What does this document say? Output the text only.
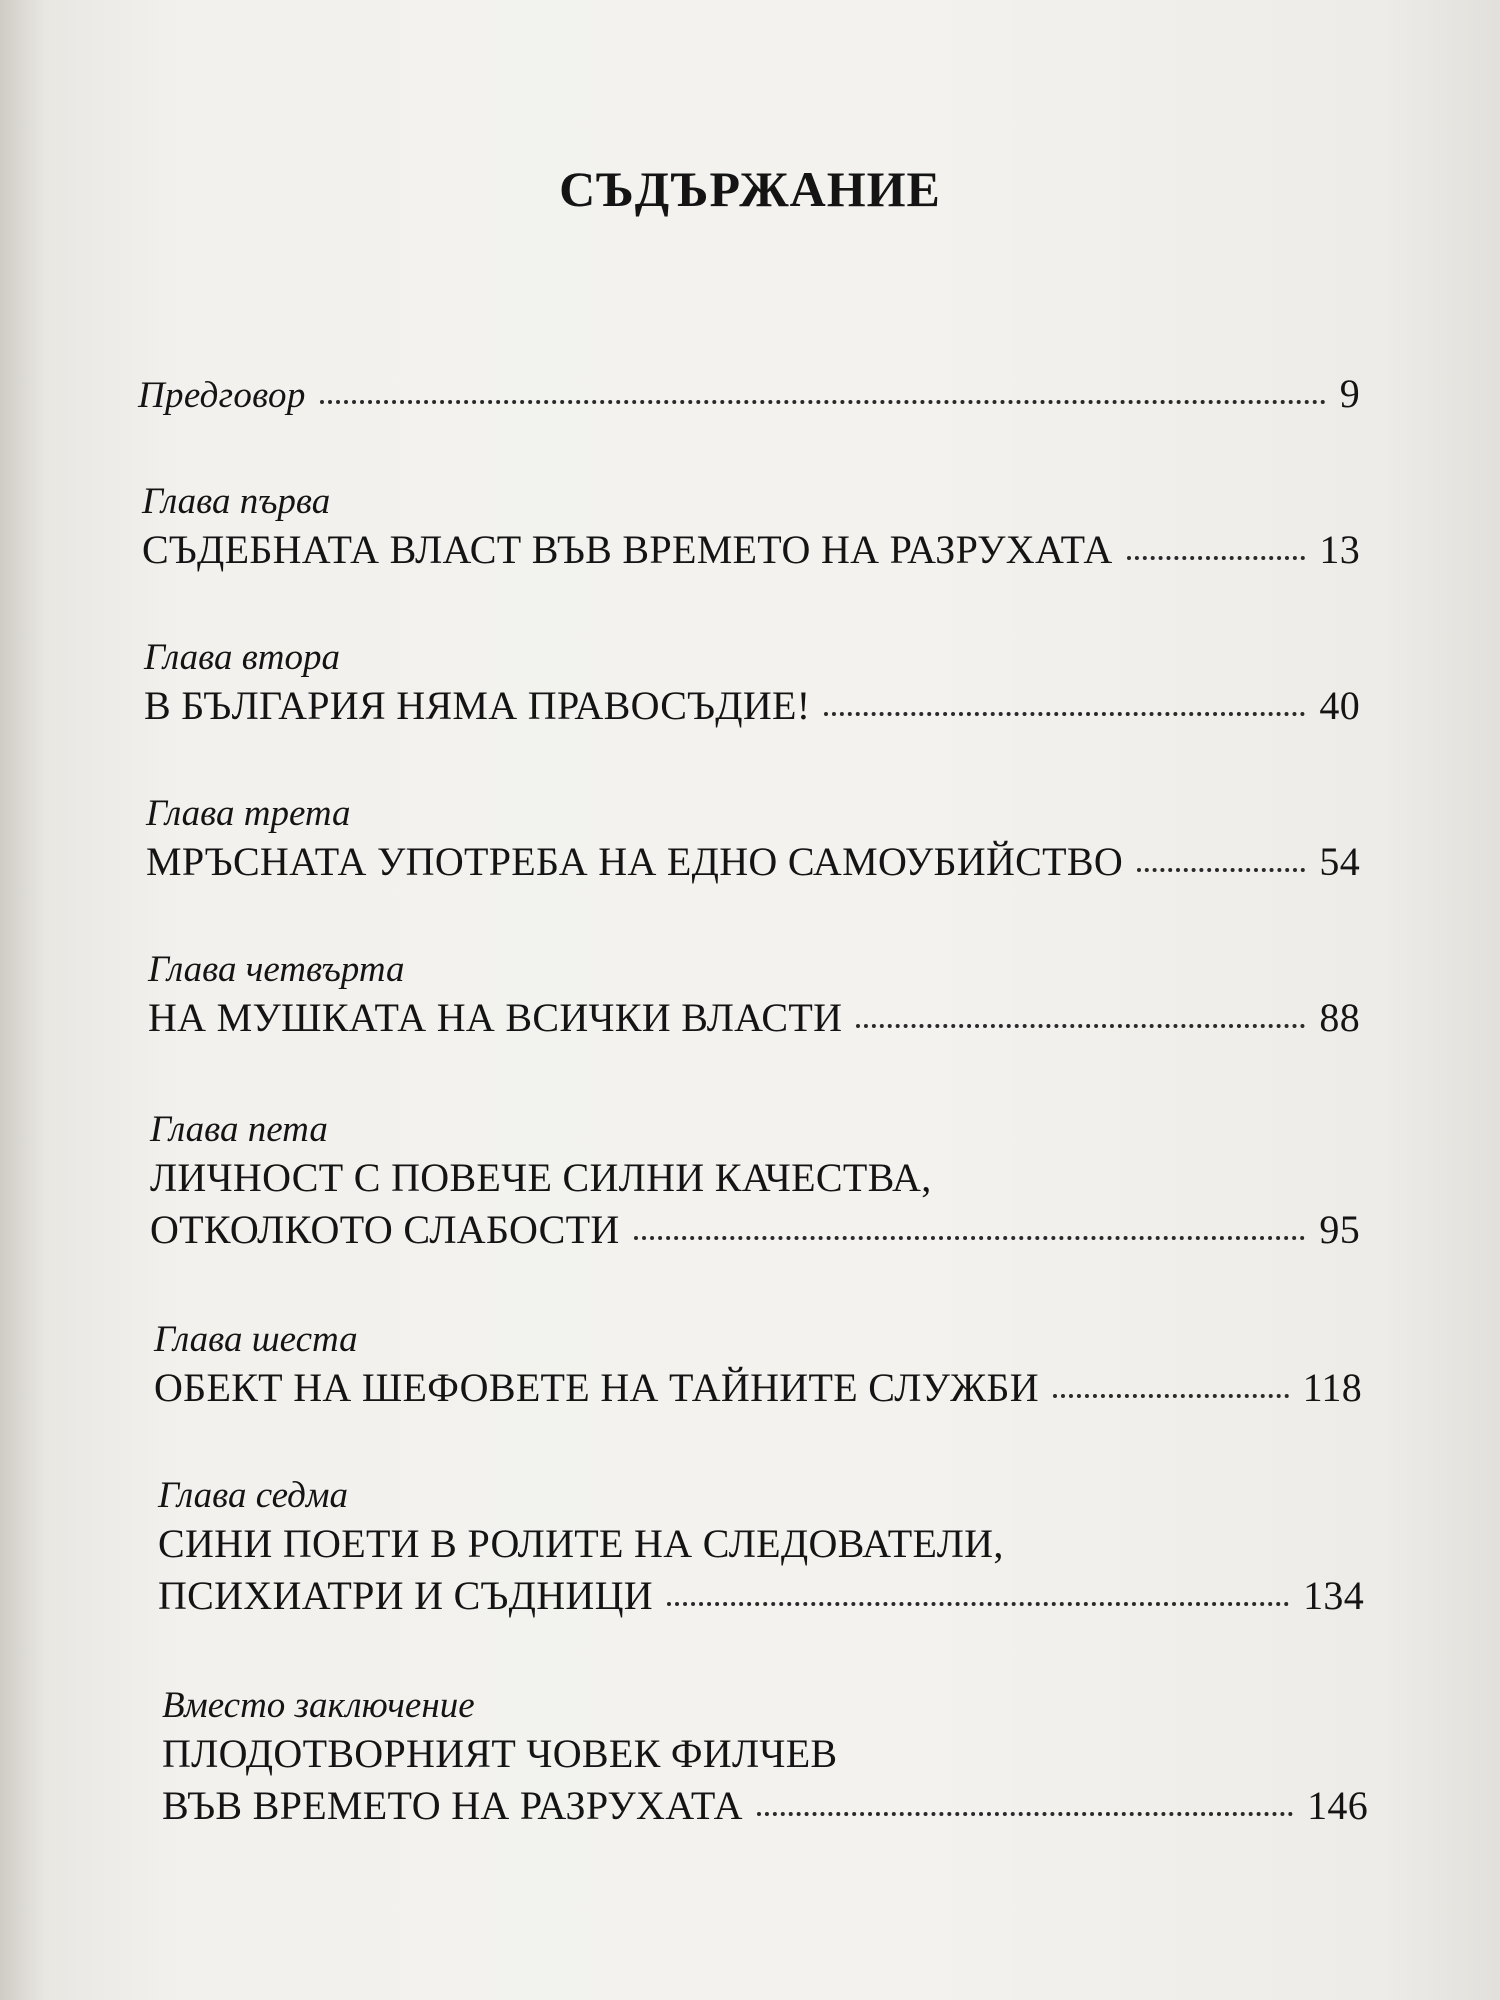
СЪДЪРЖАНИЕ
Предговор	9
Глава първа
СЪДЕБНАТА ВЛАСТ ВЪВ ВРЕМЕТО НА РАЗРУХАТА	13
Глава втора
В БЪЛГАРИЯ НЯМА ПРАВОСЪДИЕ!	40
Глава трета
МРЪСНАТА УПОТРЕБА НА ЕДНО САМОУБИЙСТВО	54
Глава четвърта
НА МУШКАТА НА ВСИЧКИ ВЛАСТИ	88
Глава пета
ЛИЧНОСТ С ПОВЕЧЕ СИЛНИ КАЧЕСТВА,
ОТКОЛКОТО СЛАБОСТИ	95
Глава шеста
ОБЕКТ НА ШЕФОВЕТЕ НА ТАЙНИТЕ СЛУЖБИ	118
Глава седма
СИНИ ПОЕТИ В РОЛИТЕ НА СЛЕДОВАТЕЛИ,
ПСИХИАТРИ И СЪДНИЦИ	134
Вместо заключение
ПЛОДОТВОРНИЯТ ЧОВЕК ФИЛЧЕВ
ВЪВ ВРЕМЕТО НА РАЗРУХАТА	146
